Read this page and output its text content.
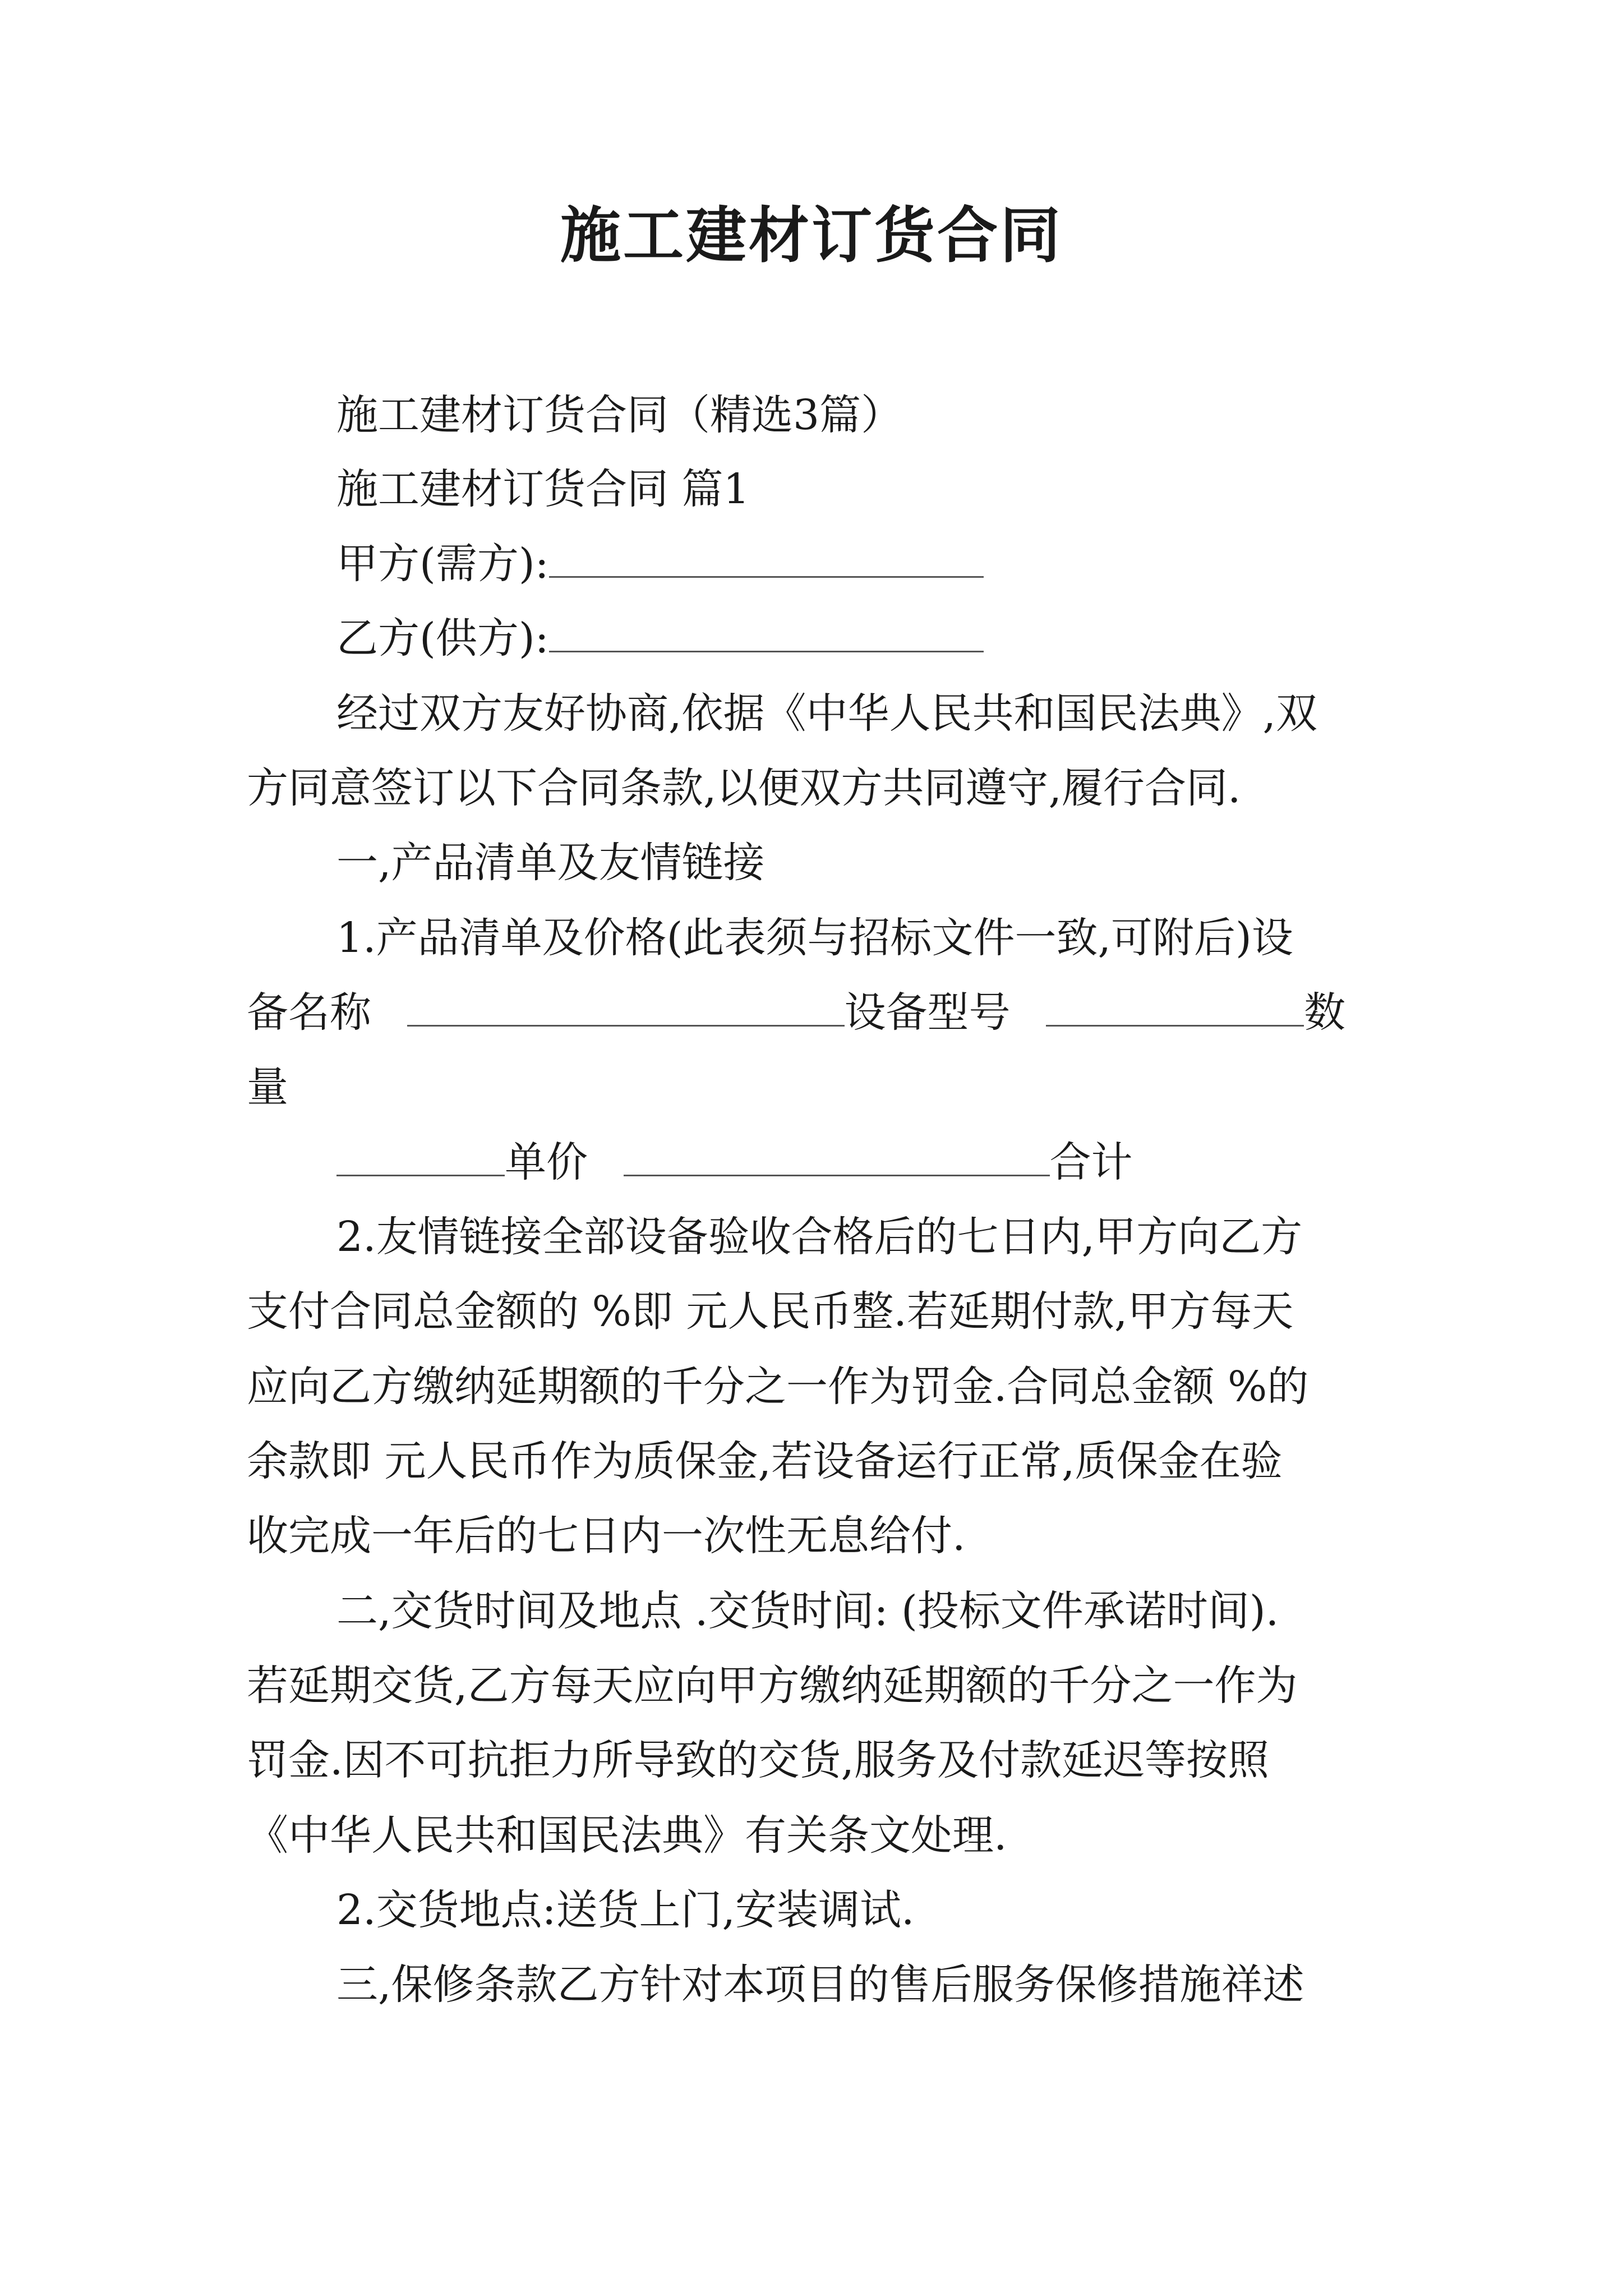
施工建材订货合同
施工建材订货合同（精选3篇）
施工建材订货合同 篇1
甲方(需方):
乙方(供方):
经过双方友好协商,依据《中华人民共和国民法典》,双
方同意签订以下合同条款,以便双方共同遵守,履行合同.
一,产品清单及友情链接
1.产品清单及价格(此表须与招标文件一致,可附后)设
备名称	设备型号	数
量
单价	合计
2.友情链接全部设备验收合格后的七日内,甲方向乙方
支付合同总金额的 %即 元人民币整.若延期付款,甲方每天
应向乙方缴纳延期额的千分之一作为罚金.合同总金额 %的
余款即 元人民币作为质保金,若设备运行正常,质保金在验
收完成一年后的七日内一次性无息给付.
二,交货时间及地点 .交货时间: (投标文件承诺时间).
若延期交货,乙方每天应向甲方缴纳延期额的千分之一作为
罚金.因不可抗拒力所导致的交货,服务及付款延迟等按照
《中华人民共和国民法典》有关条文处理.
2.交货地点:送货上门,安装调试.
三,保修条款乙方针对本项目的售后服务保修措施祥述
